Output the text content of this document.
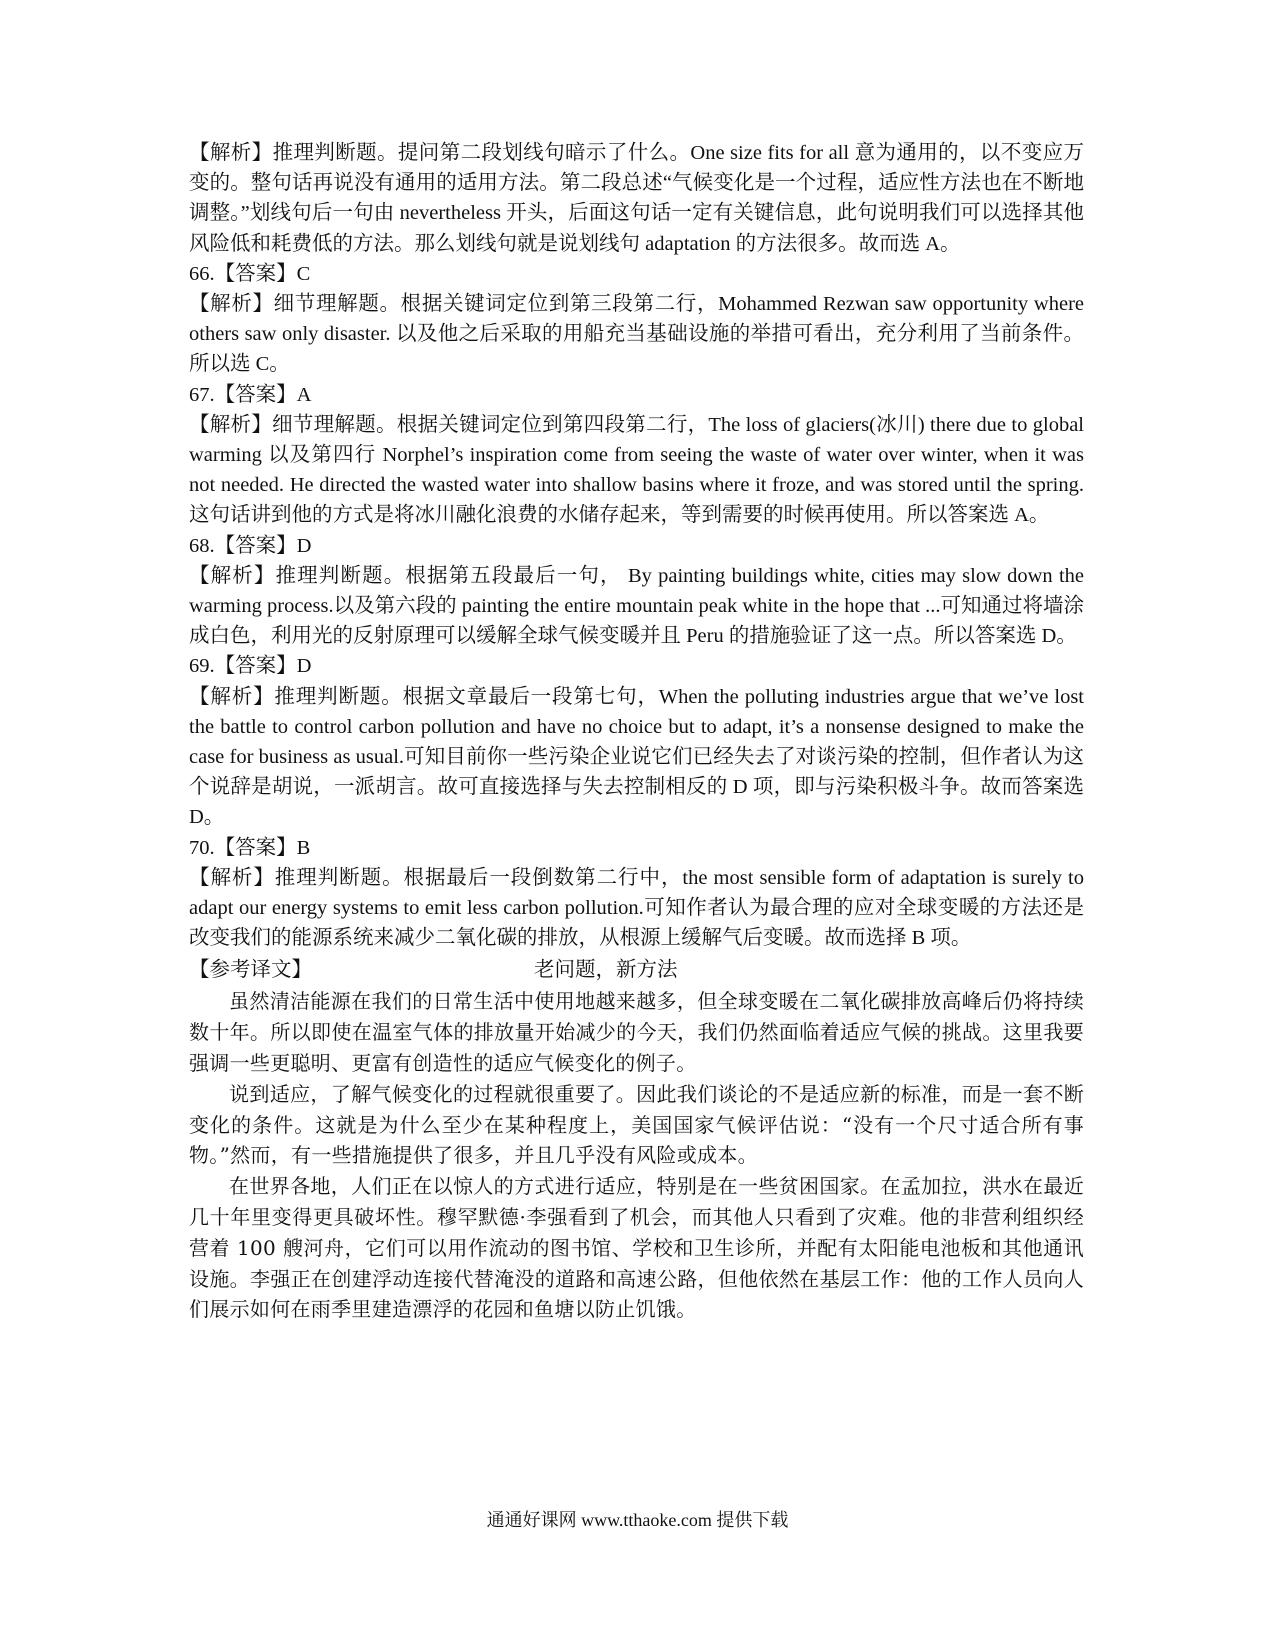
【解析】推理判断题。提问第二段划线句暗示了什么。One size fits for all 意为通用的，以不变应万变的。整句话再说没有通用的适用方法。第二段总述“气候变化是一个过程，适应性方法也在不断地调整。”划线句后一句由 nevertheless 开头，后面这句话一定有关键信息，此句说明我们可以选择其他风险低和耗费低的方法。那么划线句就是说划线句 adaptation 的方法很多。故而选 A。

66.【答案】C

【解析】细节理解题。根据关键词定位到第三段第二行，Mohammed Rezwan saw opportunity where others saw only disaster. 以及他之后采取的用船充当基础设施的举措可看出，充分利用了当前条件。所以选 C。

67.【答案】A

【解析】细节理解题。根据关键词定位到第四段第二行，The loss of glaciers(冰川) there due to global warming 以及第四行 Norphel’s inspiration come from seeing the waste of water over winter, when it was not needed. He directed the wasted water into shallow basins where it froze, and was stored until the spring. 这句话讲到他的方式是将冰川融化浪费的水储存起来，等到需要的时候再使用。所以答案选 A。

68.【答案】D

【解析】推理判断题。根据第五段最后一句， By painting buildings white, cities may slow down the warming process.以及第六段的 painting the entire mountain peak white in the hope that ...可知通过将墙涂成白色，利用光的反射原理可以缓解全球气候变暖并且 Peru 的措施验证了这一点。所以答案选 D。

69.【答案】D

【解析】推理判断题。根据文章最后一段第七句，When the polluting industries argue that we’ve lost the battle to control carbon pollution and have no choice but to adapt, it’s a nonsense designed to make the case for business as usual.可知目前你一些污染企业说它们已经失去了对谈污染的控制，但作者认为这个说辞是胡说，一派胡言。故可直接选择与失去控制相反的 D 项，即与污染积极斗争。故而答案选 D。

70.【答案】B

【解析】推理判断题。根据最后一段倒数第二行中，the most sensible form of adaptation is surely to adapt our energy systems to emit less carbon pollution.可知作者认为最合理的应对全球变暖的方法还是改变我们的能源系统来减少二氧化碳的排放，从根源上缓解气后变暖。故而选择 B 项。

【参考译文】	老问题，新方法

虽然清洁能源在我们的日常生活中使用地越来越多，但全球变暖在二氧化碳排放高峰后仍将持续数十年。所以即使在温室气体的排放量开始减少的今天，我们仍然面临着适应气候的挑战。这里我要强调一些更聪明、更富有创造性的适应气候变化的例子。

说到适应，了解气候变化的过程就很重要了。因此我们谈论的不是适应新的标准，而是一套不断变化的条件。这就是为什么至少在某种程度上，美国国家气候评估说：“没有一个尺寸适合所有事物。”然而，有一些措施提供了很多，并且几乎没有风险或成本。

在世界各地，人们正在以惊人的方式进行适应，特别是在一些贫困国家。在孟加拉，洪水在最近几十年里变得更具破坏性。穆罕默德·李强看到了机会，而其他人只看到了灾难。他的非营利组织经营着 100 艘河舟，它们可以用作流动的图书馆、学校和卫生诊所，并配有太阳能电池板和其他通讯设施。李强正在创建浮动连接代替淹没的道路和高速公路，但他依然在基层工作：他的工作人员向人们展示如何在雨季里建造漂浮的花园和鱼塘以防止饥饿。

通通好课网 www.tthaoke.com 提供下载
